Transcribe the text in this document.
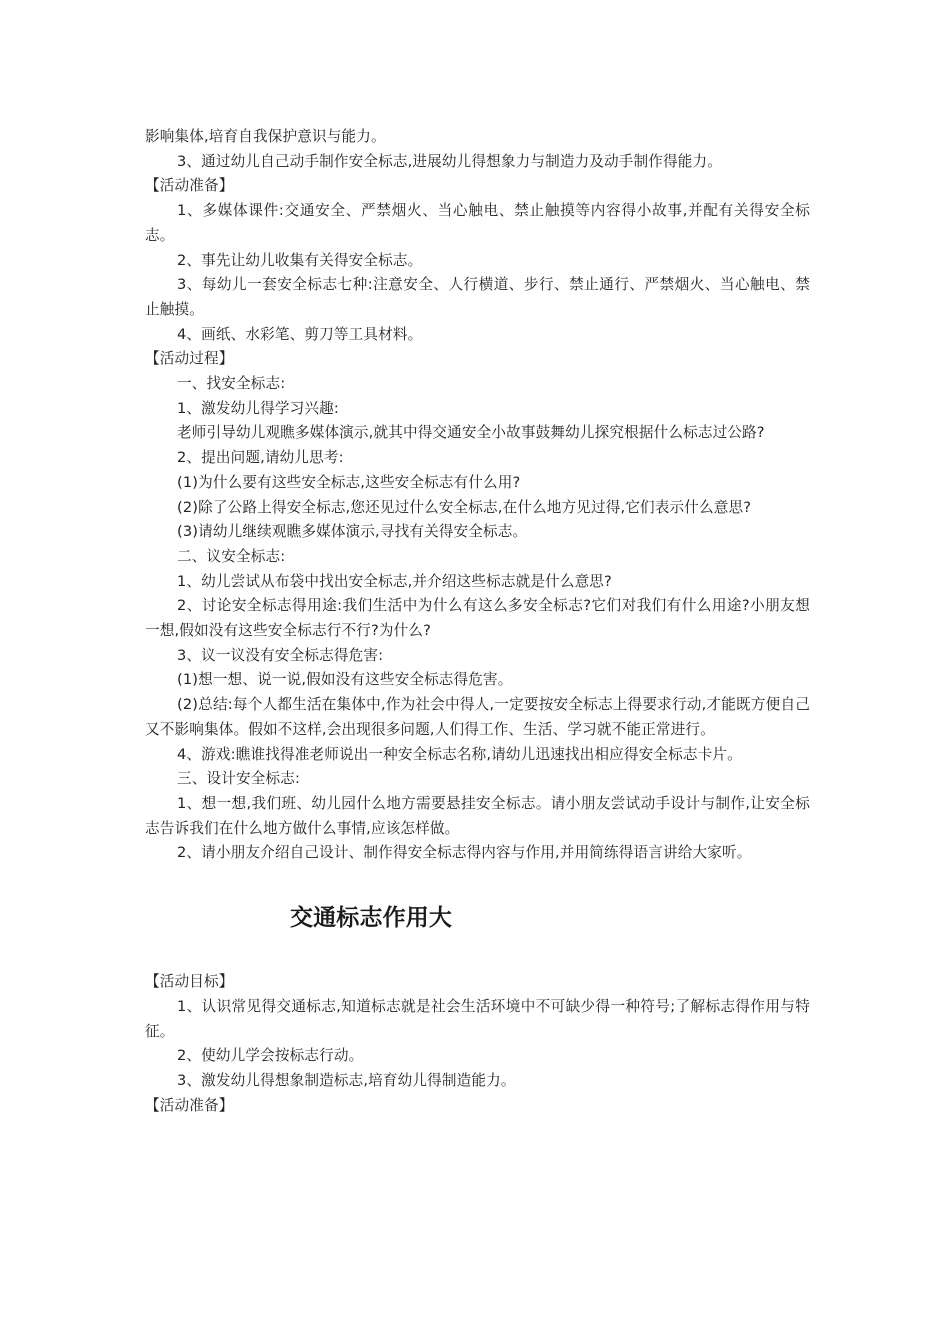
影响集体,培育自我保护意识与能力。

3、通过幼儿自己动手制作安全标志,进展幼儿得想象力与制造力及动手制作得能力。

【活动准备】

1、多媒体课件:交通安全、严禁烟火、当心触电、禁止触摸等内容得小故事,并配有关得安全标志。

2、事先让幼儿收集有关得安全标志。

3、每幼儿一套安全标志七种:注意安全、人行横道、步行、禁止通行、严禁烟火、当心触电、禁止触摸。

4、画纸、水彩笔、剪刀等工具材料。

【活动过程】

一、找安全标志:

1、激发幼儿得学习兴趣:

老师引导幼儿观瞧多媒体演示,就其中得交通安全小故事鼓舞幼儿探究根据什么标志过公路?

2、提出问题,请幼儿思考:

(1)为什么要有这些安全标志,这些安全标志有什么用?

(2)除了公路上得安全标志,您还见过什么安全标志,在什么地方见过得,它们表示什么意思?

(3)请幼儿继续观瞧多媒体演示,寻找有关得安全标志。

二、议安全标志:

1、幼儿尝试从布袋中找出安全标志,并介绍这些标志就是什么意思?

2、讨论安全标志得用途:我们生活中为什么有这么多安全标志?它们对我们有什么用途?小朋友想一想,假如没有这些安全标志行不行?为什么?

3、议一议没有安全标志得危害:

(1)想一想、说一说,假如没有这些安全标志得危害。

(2)总结:每个人都生活在集体中,作为社会中得人,一定要按安全标志上得要求行动,才能既方便自己又不影响集体。假如不这样,会出现很多问题,人们得工作、生活、学习就不能正常进行。

4、游戏:瞧谁找得准老师说出一种安全标志名称,请幼儿迅速找出相应得安全标志卡片。

三、设计安全标志:

1、想一想,我们班、幼儿园什么地方需要悬挂安全标志。请小朋友尝试动手设计与制作,让安全标志告诉我们在什么地方做什么事情,应该怎样做。

2、请小朋友介绍自己设计、制作得安全标志得内容与作用,并用简练得语言讲给大家听。

交通标志作用大

【活动目标】

1、认识常见得交通标志,知道标志就是社会生活环境中不可缺少得一种符号;了解标志得作用与特征。

2、使幼儿学会按标志行动。

3、激发幼儿得想象制造标志,培育幼儿得制造能力。

【活动准备】
